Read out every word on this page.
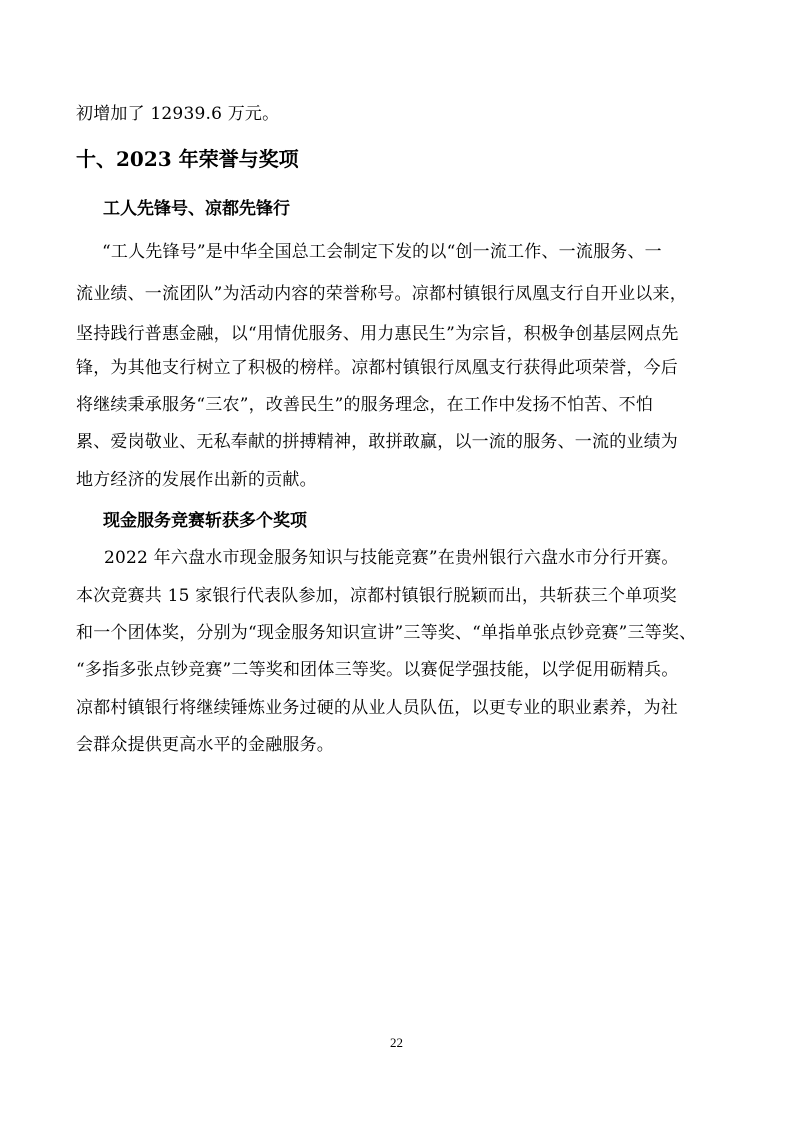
初增加了 12939.6 万元。
十、2023 年荣誉与奖项
工人先锋号、凉都先锋行
“工人先锋号”是中华全国总工会制定下发的以“创一流工作、一流服务、一
流业绩、一流团队”为活动内容的荣誉称号。凉都村镇银行凤凰支行自开业以来，
坚持践行普惠金融，以“用情优服务、用力惠民生”为宗旨，积极争创基层网点先
锋，为其他支行树立了积极的榜样。凉都村镇银行凤凰支行获得此项荣誉，今后
将继续秉承服务“三农”，改善民生”的服务理念，在工作中发扬不怕苦、不怕
累、爱岗敬业、无私奉献的拼搏精神，敢拼敢赢，以一流的服务、一流的业绩为
地方经济的发展作出新的贡献。
现金服务竞赛斩获多个奖项
2022 年六盘水市现金服务知识与技能竞赛”在贵州银行六盘水市分行开赛。
本次竞赛共 15 家银行代表队参加，凉都村镇银行脱颖而出，共斩获三个单项奖
和一个团体奖，分别为“现金服务知识宣讲”三等奖、“单指单张点钞竞赛”三等奖、
“多指多张点钞竞赛”二等奖和团体三等奖。以赛促学强技能，以学促用砺精兵。
凉都村镇银行将继续锤炼业务过硬的从业人员队伍，以更专业的职业素养，为社
会群众提供更高水平的金融服务。
22
